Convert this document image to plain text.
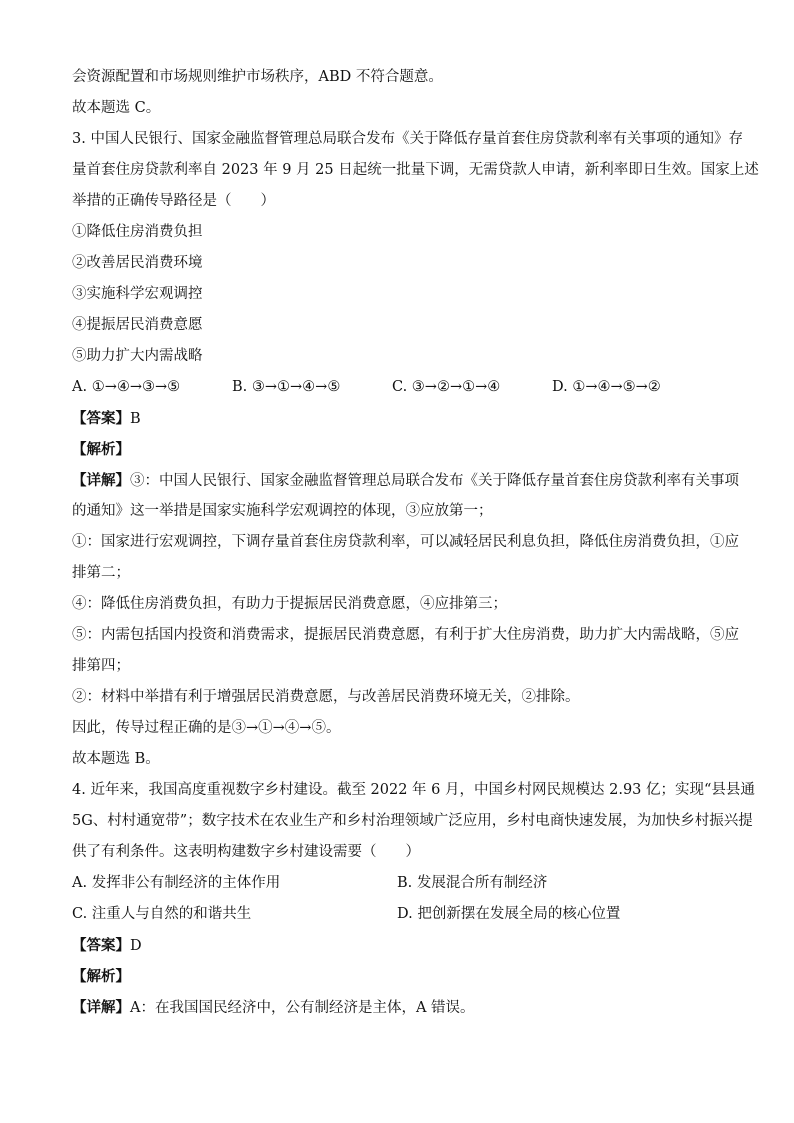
会资源配置和市场规则维护市场秩序，ABD 不符合题意。
故本题选 C。
3. 中国人民银行、国家金融监督管理总局联合发布《关于降低存量首套住房贷款利率有关事项的通知》存
量首套住房贷款利率自 2023 年 9 月 25 日起统一批量下调，无需贷款人申请，新利率即日生效。国家上述
举措的正确传导路径是（　　）
①降低住房消费负担
②改善居民消费环境
③实施科学宏观调控
④提振居民消费意愿
⑤助力扩大内需战略
A. ①→④→③→⑤	B. ③→①→④→⑤	C. ③→②→①→④	D. ①→④→⑤→②
【答案】B
【解析】
【详解】③：中国人民银行、国家金融监督管理总局联合发布《关于降低存量首套住房贷款利率有关事项
的通知》这一举措是国家实施科学宏观调控的体现，③应放第一；
①：国家进行宏观调控，下调存量首套住房贷款利率，可以减轻居民利息负担，降低住房消费负担，①应
排第二；
④：降低住房消费负担，有助力于提振居民消费意愿，④应排第三；
⑤：内需包括国内投资和消费需求，提振居民消费意愿，有利于扩大住房消费，助力扩大内需战略，⑤应
排第四；
②：材料中举措有利于增强居民消费意愿，与改善居民消费环境无关，②排除。
因此，传导过程正确的是③→①→④→⑤。
故本题选 B。
4. 近年来，我国高度重视数字乡村建设。截至 2022 年 6 月，中国乡村网民规模达 2.93 亿；实现“县县通
5G、村村通宽带”；数字技术在农业生产和乡村治理领域广泛应用，乡村电商快速发展，为加快乡村振兴提
供了有利条件。这表明构建数字乡村建设需要（　　）
A. 发挥非公有制经济的主体作用	B. 发展混合所有制经济
C. 注重人与自然的和谐共生	D. 把创新摆在发展全局的核心位置
【答案】D
【解析】
【详解】A：在我国国民经济中，公有制经济是主体，A 错误。
